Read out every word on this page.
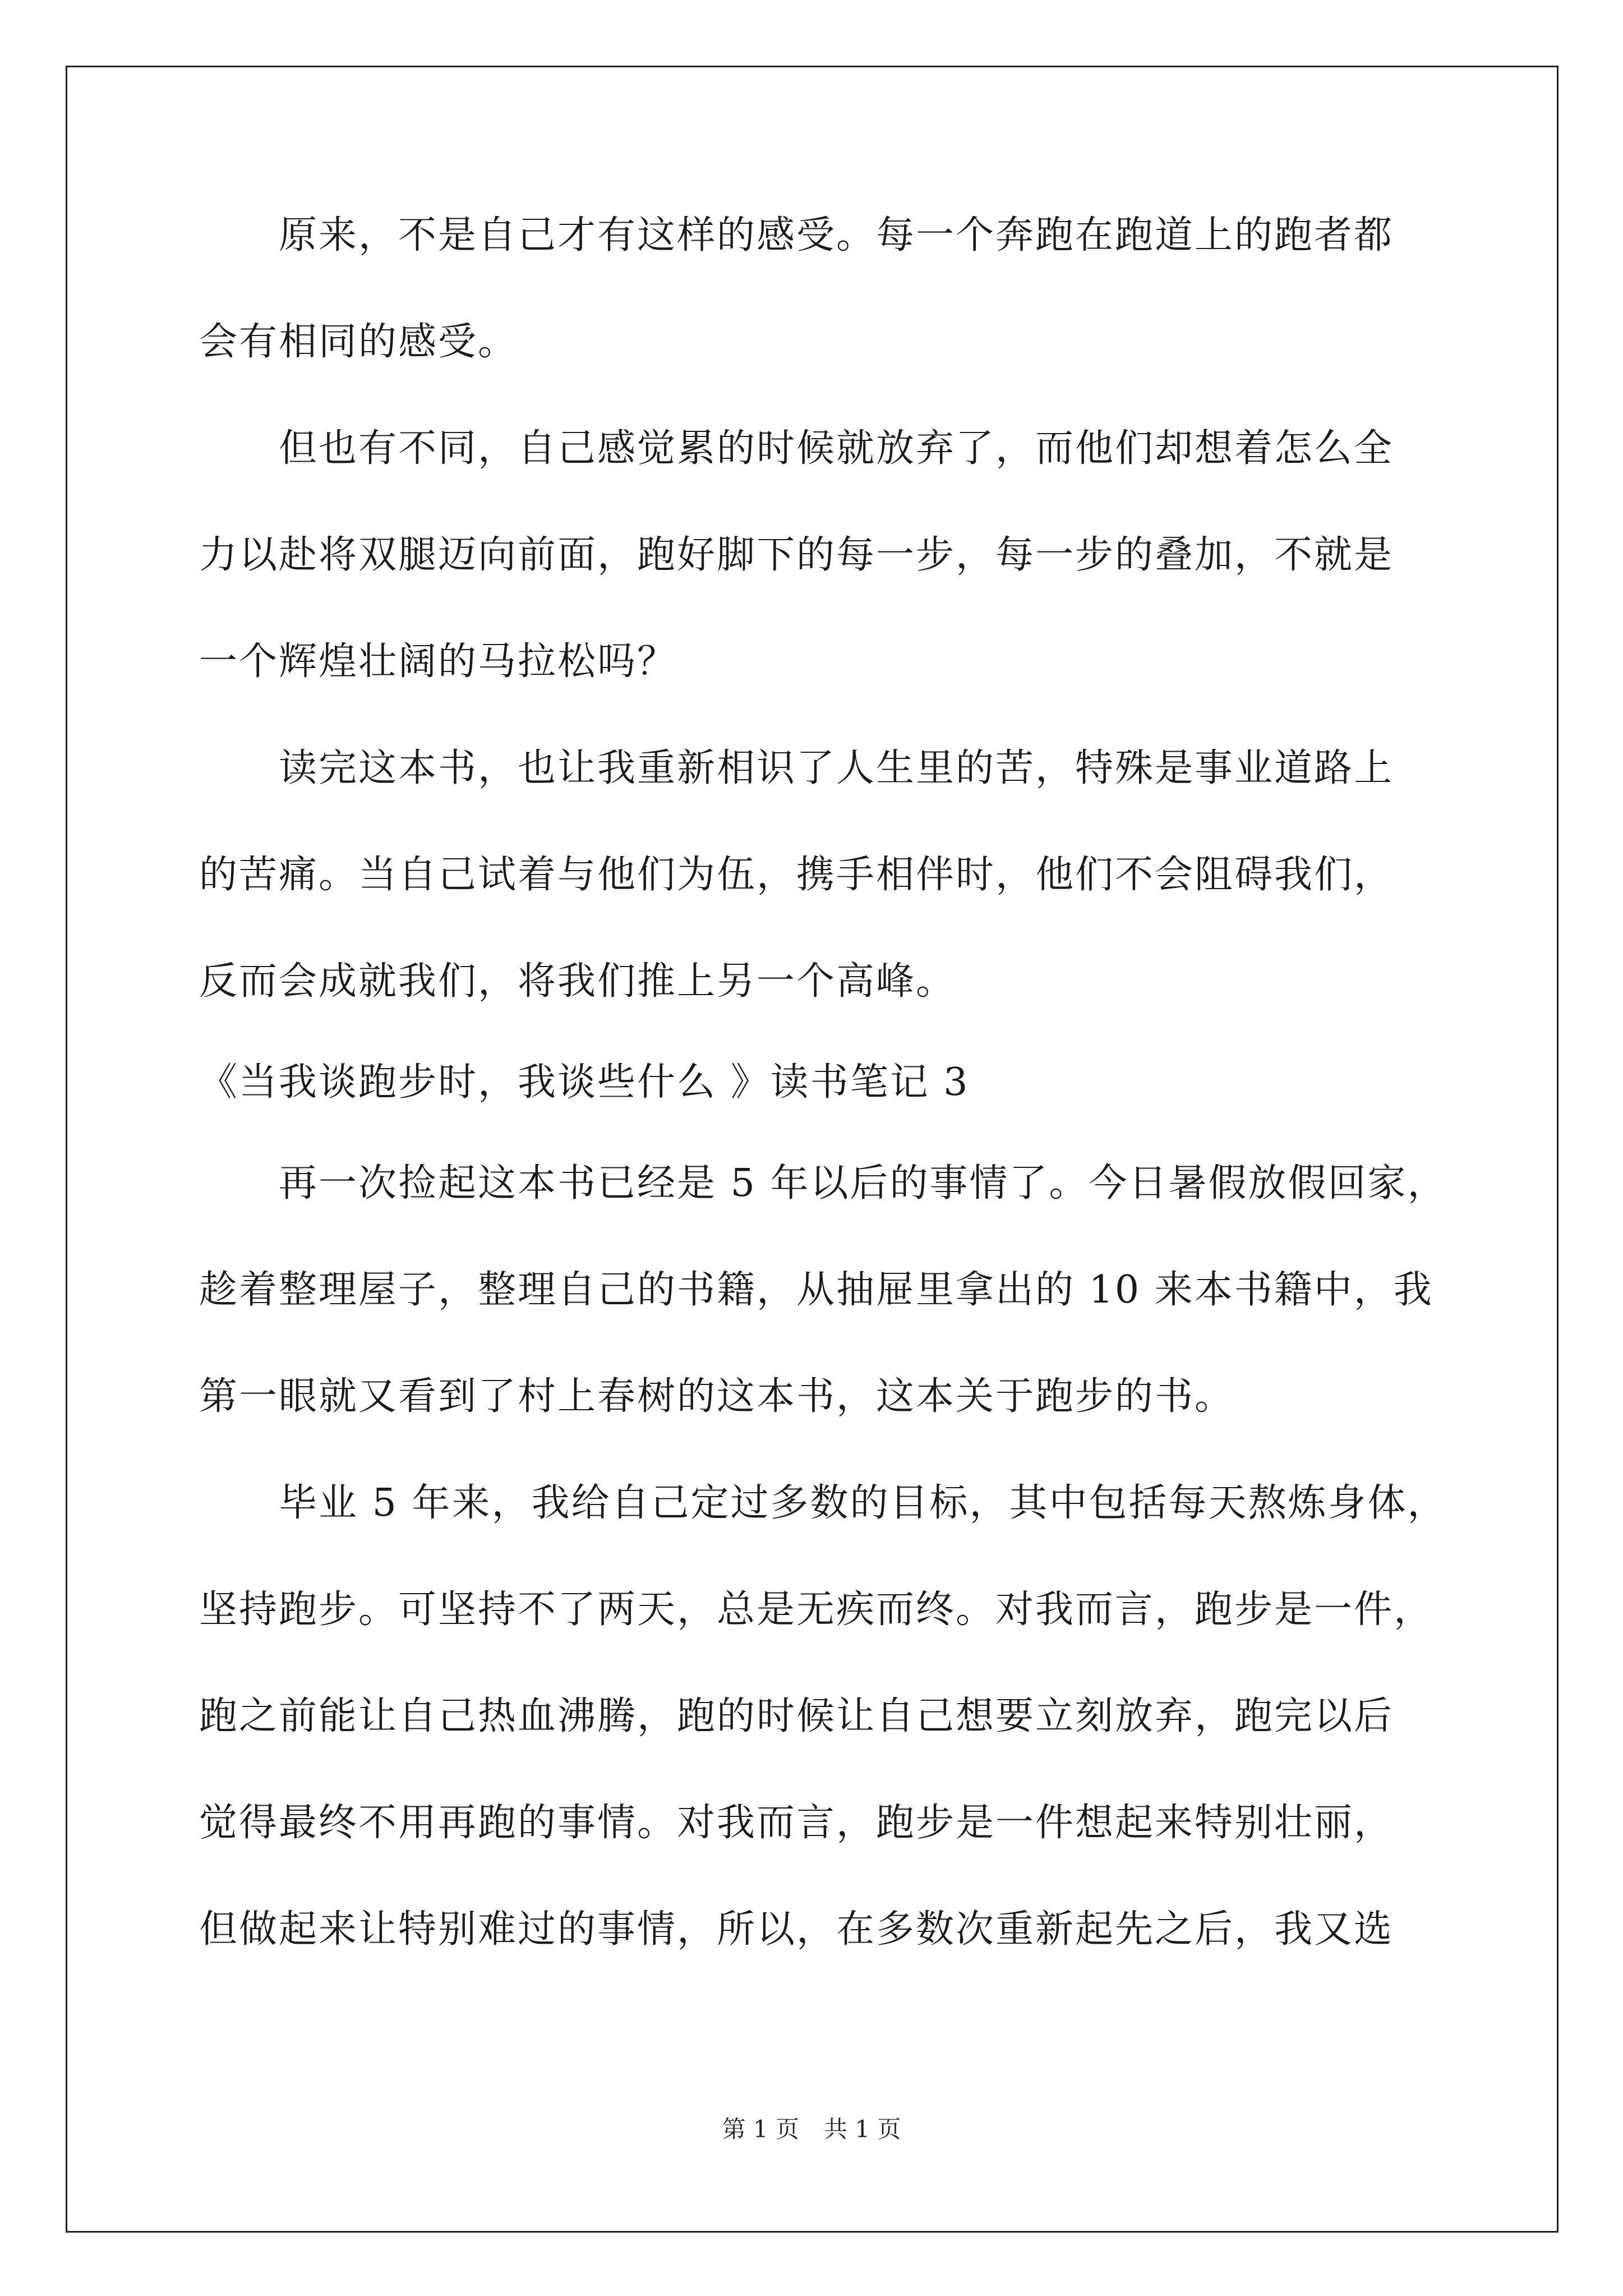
　　原来，不是自己才有这样的感受。每一个奔跑在跑道上的跑者都
会有相同的感受。
　　但也有不同，自己感觉累的时候就放弃了，而他们却想着怎么全
力以赴将双腿迈向前面，跑好脚下的每一步，每一步的叠加，不就是
一个辉煌壮阔的马拉松吗？
　　读完这本书，也让我重新相识了人生里的苦，特殊是事业道路上
的苦痛。当自己试着与他们为伍，携手相伴时，他们不会阻碍我们，
反而会成就我们，将我们推上另一个高峰。
《当我谈跑步时，我谈些什么 》读书笔记 3
　　再一次捡起这本书已经是 5 年以后的事情了。今日暑假放假回家，
趁着整理屋子，整理自己的书籍，从抽屉里拿出的 10 来本书籍中，我
第一眼就又看到了村上春树的这本书，这本关于跑步的书。
　　毕业 5 年来，我给自己定过多数的目标，其中包括每天熬炼身体，
坚持跑步。可坚持不了两天，总是无疾而终。对我而言，跑步是一件，
跑之前能让自己热血沸腾，跑的时候让自己想要立刻放弃，跑完以后
觉得最终不用再跑的事情。对我而言，跑步是一件想起来特别壮丽，
但做起来让特别难过的事情，所以，在多数次重新起先之后，我又选
第 1 页 共 1 页
